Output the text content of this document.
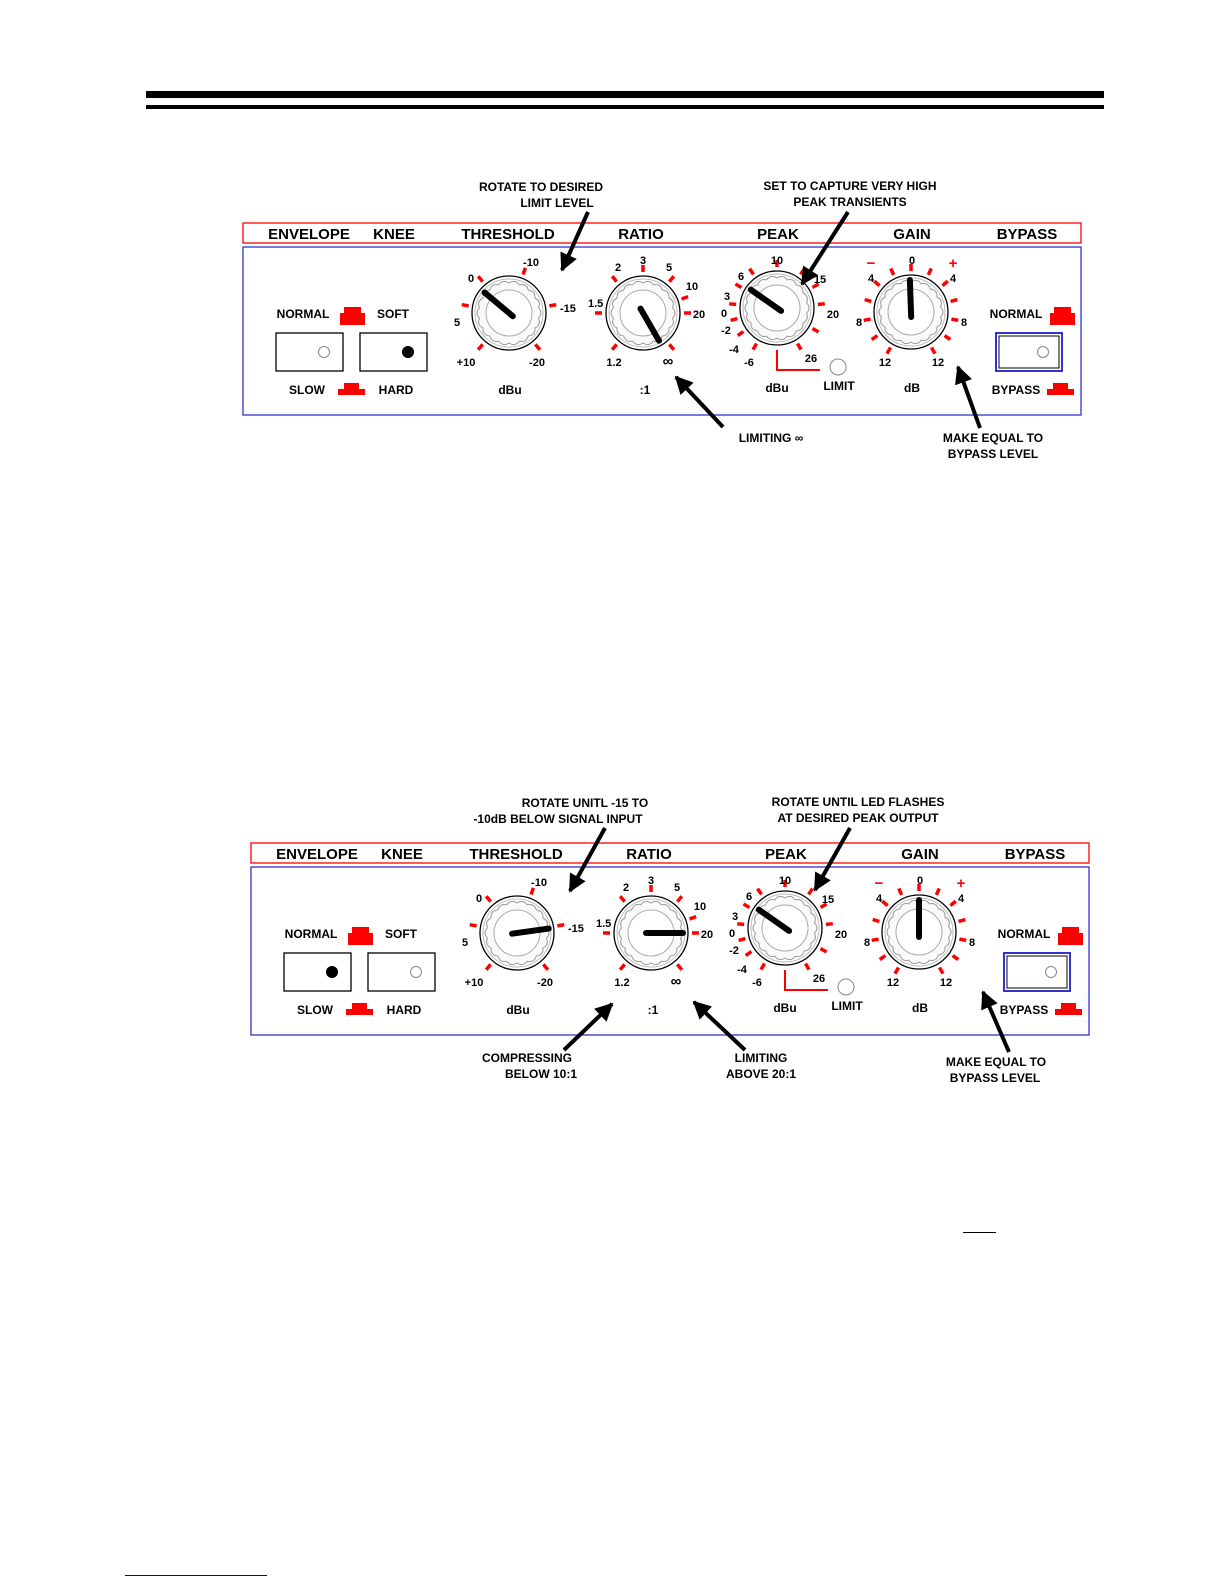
ENVELOPE KNEE	THRESHOLD	RATIO	PEAK	GAIN	BYPASS
NORMAL	SOFT
SLOW	HARD
-10
0
5
+10	-20
-15
dBu
2
3
5
1.5
10
20
1.2	∞
:1
10
6	15
3
0	20
-2
-4
-6	26
dBu	LIMIT
−	0 +
4	4
8	8
12	12
dB
NORMAL
BYPASS
ROTATE TO DESIRED
LIMIT LEVEL
SET TO CAPTURE VERY HIGH
PEAK TRANSIENTS
LIMITING ∞	MAKE EQUAL TO
BYPASS LEVEL
ENVELOPE KNEE	THRESHOLD	RATIO	PEAK	GAIN	BYPASS
NORMAL	SOFT
SLOW	HARD
-10
0
5
+10	-20
-15
dBu
2
3
5
1.5
10
20
1.2	∞
:1
10
6	15
3
0	20
-2
-4
-6	26
dBu	LIMIT
−	0 +
4	4
8	8
12	12
dB
NORMAL
BYPASS
ROTATE UNITL -15 TO
-10dB BELOW SIGNAL INPUT
ROTATE UNTIL LED FLASHES
AT DESIRED PEAK OUTPUT
COMPRESSING
BELOW 10:1
LIMITING
ABOVE 20:1
MAKE EQUAL TO
BYPASS LEVEL
